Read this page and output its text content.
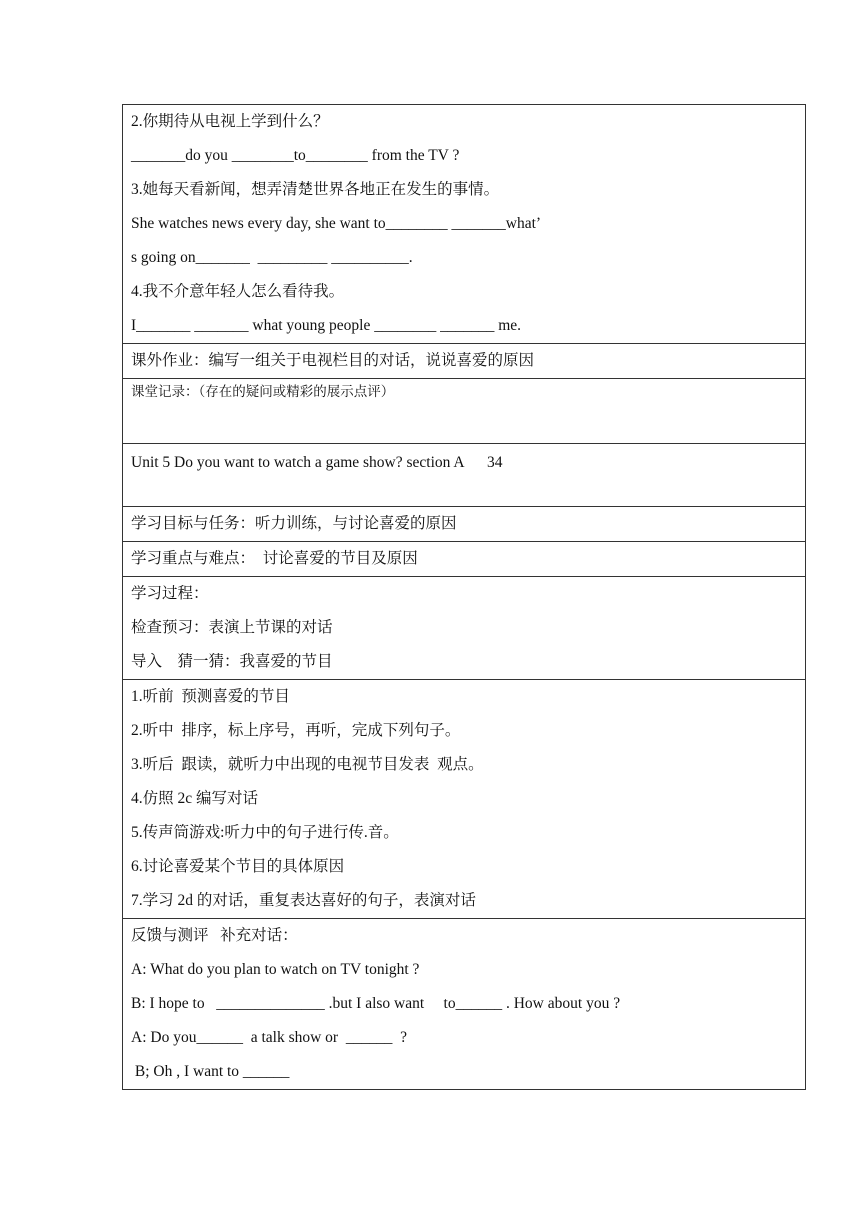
2.你期待从电视上学到什么？
_______do you ________to________ from the TV ?
3.她每天看新闻，想弄清楚世界各地正在发生的事情。
She watches news every day, she want to________ _______what’
s going on_______  _________ __________.
4.我不介意年轻人怎么看待我。
I_______ _______ what young people ________ _______ me.

课外作业：编写一组关于电视栏目的对话，说说喜爱的原因

课堂记录：（存在的疑问或精彩的展示点评）

Unit 5 Do you want to watch a game show? section A      34

学习目标与任务：听力训练，与讨论喜爱的原因

学习重点与难点：  讨论喜爱的节目及原因

学习过程：
检查预习：表演上节课的对话
导入    猜一猜：我喜爱的节目

1.听前  预测喜爱的节目
2.听中  排序，标上序号，再听，完成下列句子。
3.听后  跟读，就听力中出现的电视节目发表  观点。
4.仿照 2c 编写对话
5.传声筒游戏:听力中的句子进行传.音。
6.讨论喜爱某个节目的具体原因
7.学习 2d 的对话，重复表达喜好的句子，表演对话

反馈与测评   补充对话：
A: What do you plan to watch on TV tonight ?
B: I hope to   ______________ .but I also want     to______ . How about you ?
A: Do you______  a talk show or  ______  ?
B; Oh , I want to ______
